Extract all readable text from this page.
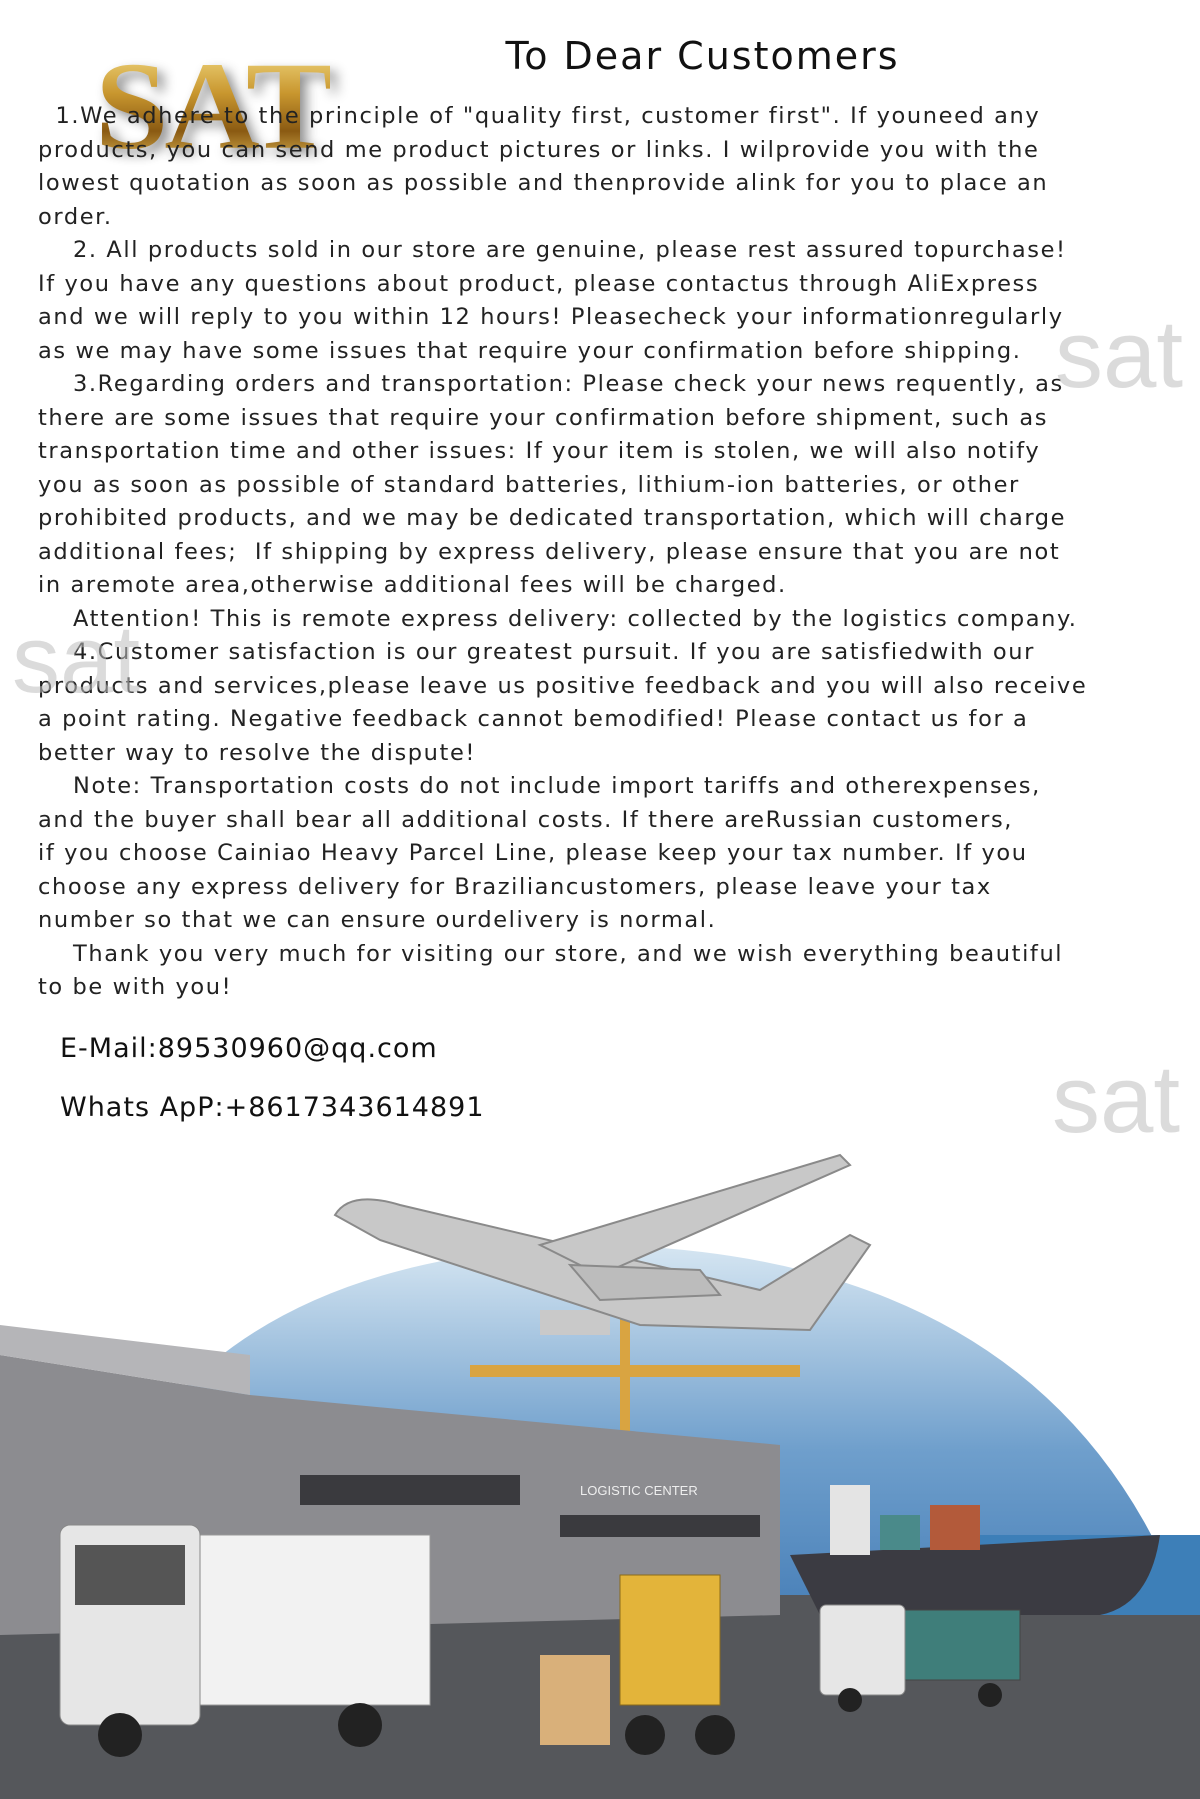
SAT	To Dear Customers
1.We adhere to the principle of "quality first, customer first". If youneed any
products, you can send me product pictures or links. I wilprovide you with the
lowest quotation as soon as possible and thenprovide alink for you to place an
order.
2. All products sold in our store are genuine, please rest assured topurchase!
If you have any questions about product, please contactus through AliExpress
and we will reply to you within 12 hours! Pleasecheck your informationregularly
as we may have some issues that require your confirmation before shipping.
3.Regarding orders and transportation: Please check your news requently, as
there are some issues that require your confirmation before shipment, such as
transportation time and other issues: If your item is stolen, we will also notify
you as soon as possible of standard batteries, lithium-ion batteries, or other
prohibited products, and we may be dedicated transportation, which will charge
additional fees;  If shipping by express delivery, please ensure that you are not
in aremote area,otherwise additional fees will be charged.
Attention! This is remote express delivery: collected by the logistics company.
4.Customer satisfaction is our greatest pursuit. If you are satisfiedwith our
products and services,please leave us positive feedback and you will also receive
a point rating. Negative feedback cannot bemodified! Please contact us for a
better way to resolve the dispute!
Note: Transportation costs do not include import tariffs and otherexpenses,
and the buyer shall bear all additional costs. If there areRussian customers,
if you choose Cainiao Heavy Parcel Line, please keep your tax number. If you
choose any express delivery for Braziliancustomers, please leave your tax
number so that we can ensure ourdelivery is normal.
Thank you very much for visiting our store, and we wish everything beautiful
to be with you!
E-Mail:89530960@qq.com
Whats ApP:+8617343614891
LOGISTIC CENTER
sat
sat
sat
